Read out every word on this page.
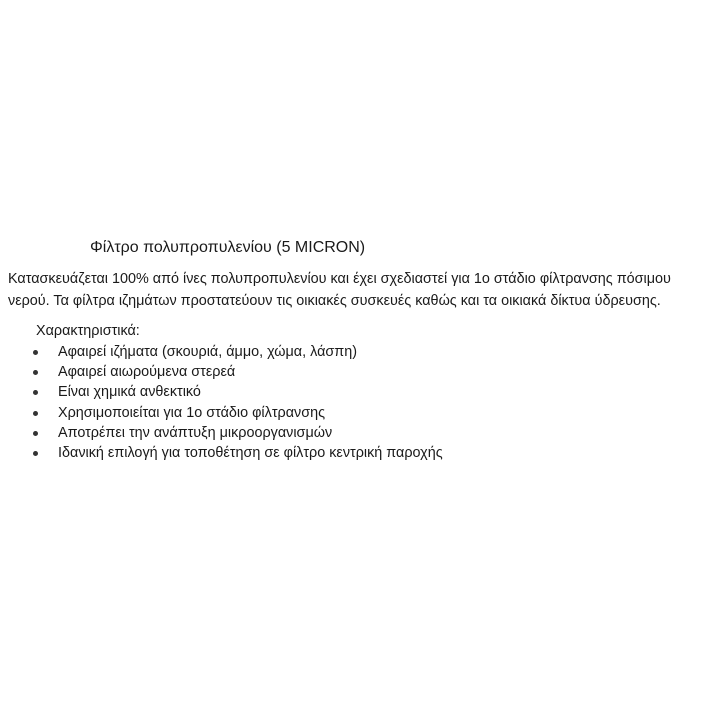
Φίλτρο πολυπροπυλενίου (5 MICRON)

Κατασκευάζεται 100% από ίνες πολυπροπυλενίου και έχει σχεδιαστεί για 1ο στάδιο φίλτρανσης πόσιμου
νερού. Τα φίλτρα ιζημάτων προστατεύουν τις οικιακές συσκευές καθώς και τα οικιακά δίκτυα ύδρευσης.

Χαρακτηριστικά:
Αφαιρεί ιζήματα (σκουριά, άμμο, χώμα, λάσπη)
Αφαιρεί αιωρούμενα στερεά
Είναι χημικά ανθεκτικό
Χρησιμοποιείται για 1ο στάδιο φίλτρανσης
Αποτρέπει την ανάπτυξη μικροοργανισμών
Ιδανική επιλογή για τοποθέτηση σε φίλτρο κεντρική παροχής
